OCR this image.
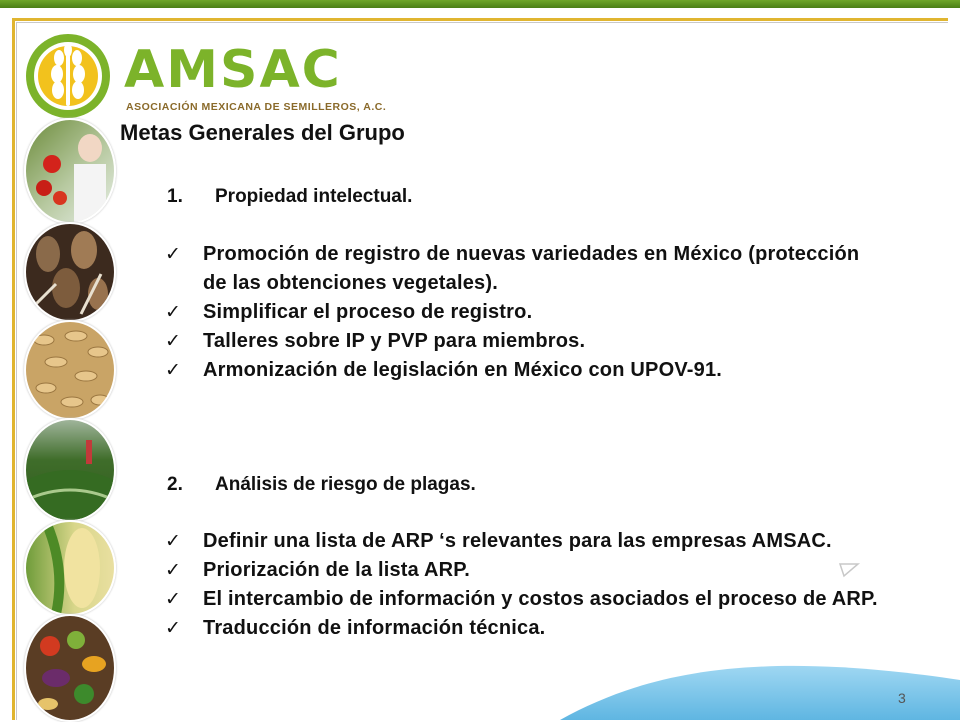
AMSAC
ASOCIACIÓN MEXICANA DE SEMILLEROS, A.C.
Metas Generales del Grupo
1. Propiedad intelectual.
✓ Promoción de registro de nuevas variedades en México (protección de las obtenciones vegetales).
✓ Simplificar el proceso de registro.
✓ Talleres sobre IP y PVP para miembros.
✓ Armonización de legislación en México con UPOV-91.
2. Análisis de riesgo de plagas.
✓ Definir una lista de ARP ‘s relevantes para las empresas AMSAC.
✓ Priorización de la lista ARP.
✓ El intercambio de información y costos asociados el proceso de ARP.
✓ Traducción de información técnica.
3
